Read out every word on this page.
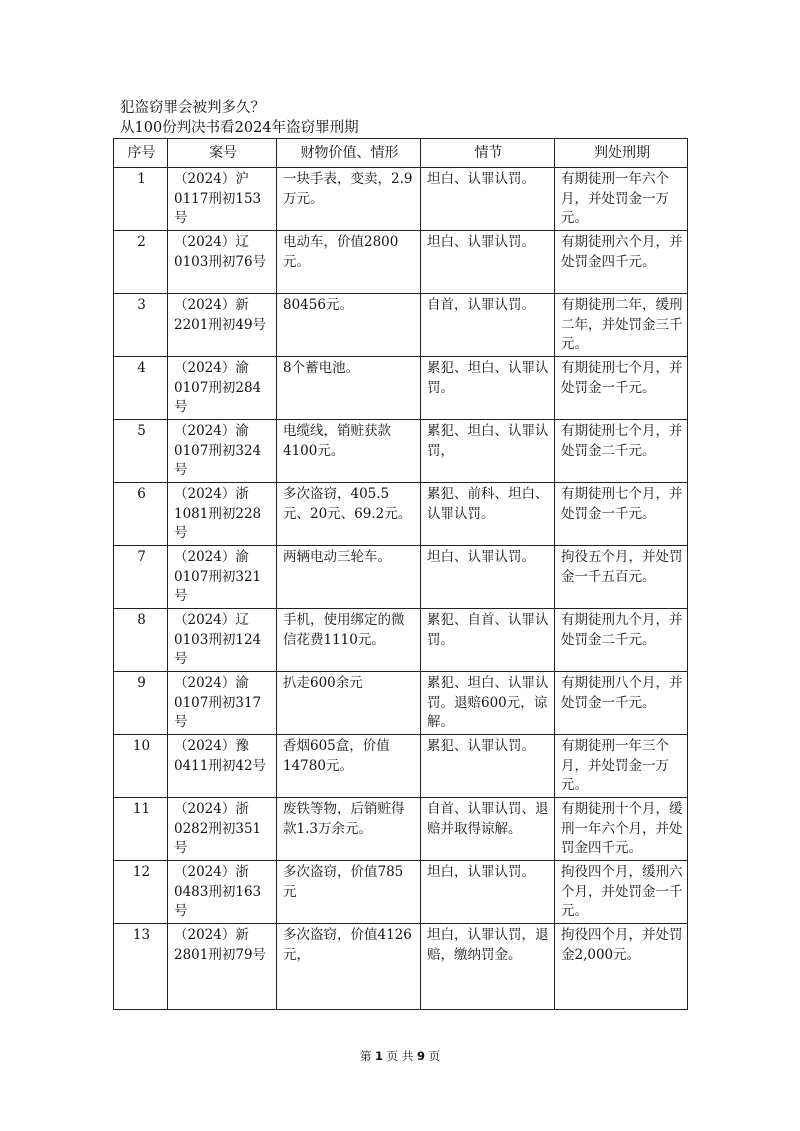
犯盗窃罪会被判多久？
从100份判决书看2024年盗窃罪刑期
序号	案号	财物价值、情形	情节	判处刑期
1	（2024）沪0117刑初153号	一块手表，变卖，2.9万元。	坦白、认罪认罚。	有期徒刑一年六个月，并处罚金一万元。
2	（2024）辽0103刑初76号	电动车，价值2800元。	坦白、认罪认罚。	有期徒刑六个月，并处罚金四千元。
3	（2024）新2201刑初49号	80456元。	自首，认罪认罚。	有期徒刑二年，缓刑二年，并处罚金三千元。
4	（2024）渝0107刑初284号	8个蓄电池。	累犯、坦白、认罪认罚。	有期徒刑七个月，并处罚金一千元。
5	（2024）渝0107刑初324号	电缆线，销赃获款4100元。	累犯、坦白、认罪认罚，	有期徒刑七个月，并处罚金二千元。
6	（2024）浙1081刑初228号	多次盗窃，405.5元、20元、69.2元。	累犯、前科、坦白、认罪认罚。	有期徒刑七个月，并处罚金一千元。
7	（2024）渝0107刑初321号	两辆电动三轮车。	坦白、认罪认罚。	拘役五个月，并处罚金一千五百元。
8	（2024）辽0103刑初124号	手机，使用绑定的微信花费1110元。	累犯、自首、认罪认罚。	有期徒刑九个月，并处罚金二千元。
9	（2024）渝0107刑初317号	扒走600余元	累犯、坦白、认罪认罚。退赔600元，谅解。	有期徒刑八个月，并处罚金一千元。
10	（2024）豫0411刑初42号	香烟605盒，价值14780元。	累犯、认罪认罚。	有期徒刑一年三个月，并处罚金一万元。
11	（2024）浙0282刑初351号	废铁等物，后销赃得款1.3万余元。	自首、认罪认罚、退赔并取得谅解。	有期徒刑十个月，缓刑一年六个月，并处罚金四千元。
12	（2024）浙0483刑初163号	多次盗窃，价值785元	坦白，认罪认罚。	拘役四个月，缓刑六个月，并处罚金一千元。
13	（2024）新2801刑初79号	多次盗窃，价值4126元，	坦白，认罪认罚，退赔，缴纳罚金。	拘役四个月，并处罚金2,000元。
第 1 页 共 9 页
